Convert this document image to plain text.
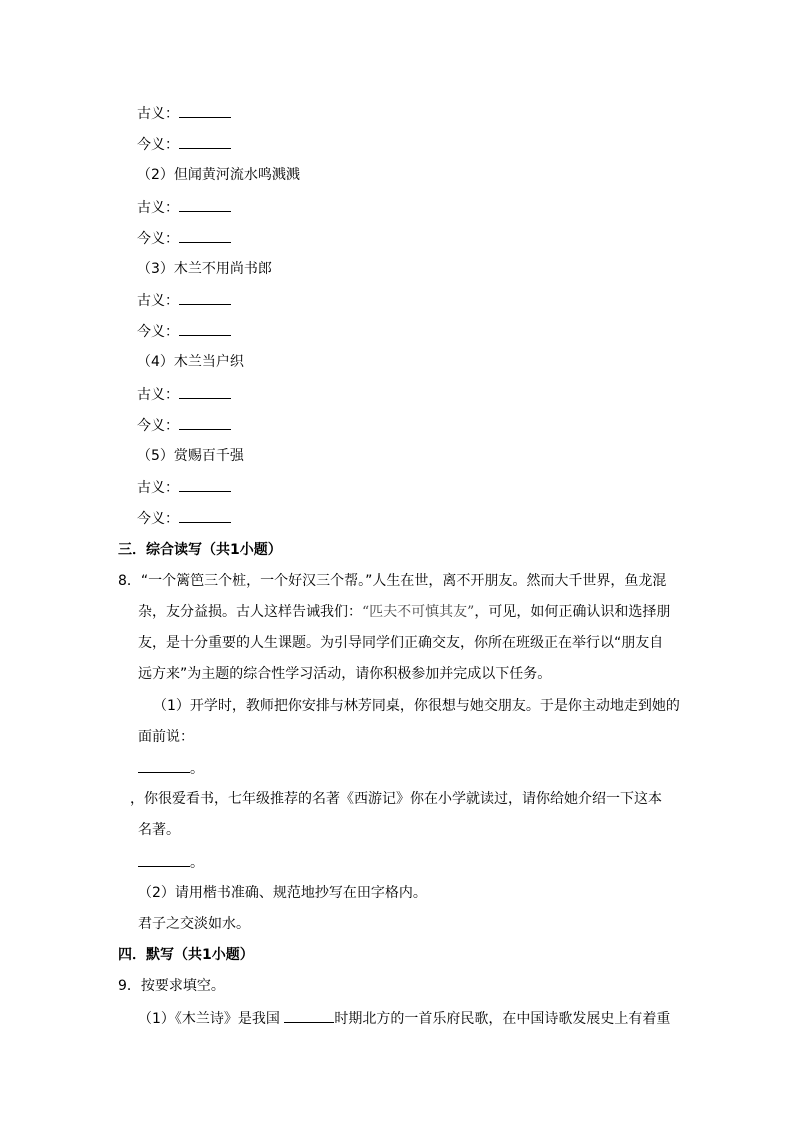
古义：
今义：
（2）但闻黄河流水鸣溅溅
古义：
今义：
（3）木兰不用尚书郎
古义：
今义：
（4）木兰当户织
古义：
今义：
（5）赏赐百千强
古义：
今义：
三．综合读写（共1小题）
8．“一个篱笆三个桩，一个好汉三个帮。”人生在世，离不开朋友。然而大千世界，鱼龙混
杂，友分益损。古人这样告诫我们：“匹夫不可慎其友”，可见，如何正确认识和选择朋
友，是十分重要的人生课题。为引导同学们正确交友，你所在班级正在举行以“朋友自
远方来”为主题的综合性学习活动，请你积极参加并完成以下任务。
（1）开学时，教师把你安排与林芳同桌，你很想与她交朋友。于是你主动地走到她的
面前说：
。
，你很爱看书，七年级推荐的名著《西游记》你在小学就读过，请你给她介绍一下这本
名著。
。
（2）请用楷书准确、规范地抄写在田字格内。
君子之交淡如水。
四．默写（共1小题）
9．按要求填空。
（1）《木兰诗》是我国	时期北方的一首乐府民歌，在中国诗歌发展史上有着重
